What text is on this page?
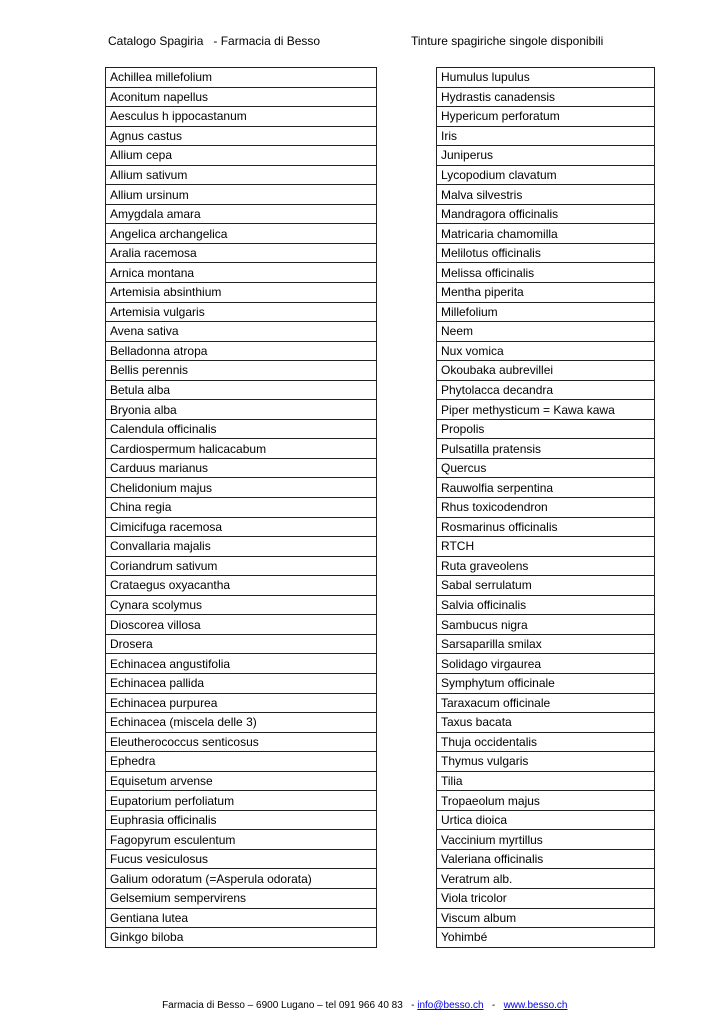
Catalogo Spagiria   - Farmacia di Besso	Tinture spagiriche singole disponibili
Achillea millefolium
Aconitum napellus
Aesculus h ippocastanum
Agnus castus
Allium cepa
Allium sativum
Allium ursinum
Amygdala amara
Angelica archangelica
Aralia racemosa
Arnica montana
Artemisia absinthium
Artemisia vulgaris
Avena sativa
Belladonna atropa
Bellis perennis
Betula alba
Bryonia alba
Calendula officinalis
Cardiospermum halicacabum
Carduus marianus
Chelidonium majus
China regia
Cimicifuga racemosa
Convallaria majalis
Coriandrum sativum
Crataegus oxyacantha
Cynara scolymus
Dioscorea villosa
Drosera
Echinacea angustifolia
Echinacea pallida
Echinacea purpurea
Echinacea (miscela delle 3)
Eleutherococcus senticosus
Ephedra
Equisetum arvense
Eupatorium perfoliatum
Euphrasia officinalis
Fagopyrum esculentum
Fucus vesiculosus
Galium odoratum (=Asperula odorata)
Gelsemium sempervirens
Gentiana lutea
Ginkgo biloba
Humulus lupulus
Hydrastis canadensis
Hypericum perforatum
Iris
Juniperus
Lycopodium clavatum
Malva silvestris
Mandragora officinalis
Matricaria chamomilla
Melilotus officinalis
Melissa officinalis
Mentha piperita
Millefolium
Neem
Nux vomica
Okoubaka aubrevillei
Phytolacca decandra
Piper methysticum = Kawa kawa
Propolis
Pulsatilla pratensis
Quercus
Rauwolfia serpentina
Rhus toxicodendron
Rosmarinus officinalis
RTCH
Ruta graveolens
Sabal serrulatum
Salvia officinalis
Sambucus nigra
Sarsaparilla smilax
Solidago virgaurea
Symphytum officinale
Taraxacum officinale
Taxus bacata
Thuja occidentalis
Thymus vulgaris
Tilia
Tropaeolum majus
Urtica dioica
Vaccinium myrtillus
Valeriana officinalis
Veratrum alb.
Viola tricolor
Viscum album
Yohimbé

Farmacia di Besso – 6900 Lugano – tel 091 966 40 83   - info@besso.ch   -   www.besso.ch
